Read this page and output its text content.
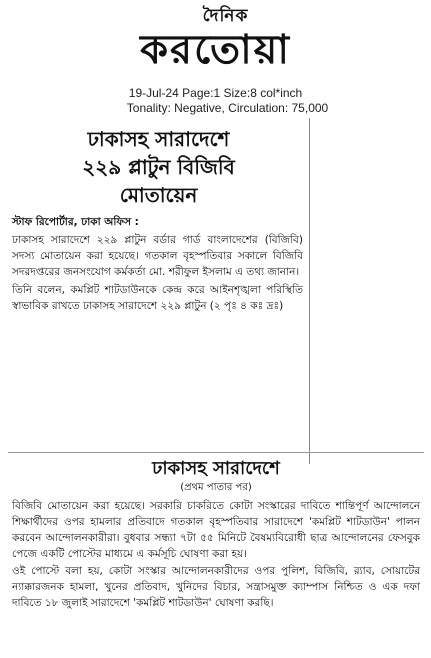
দৈনিক
করতোয়া
19-Jul-24 Page:1 Size:8 col*inch
Tonality: Negative, Circulation: 75,000
ঢাকাসহ সারাদেশে
২২৯ প্লাটুন বিজিবি
মোতায়েন

স্টাফ রিপোর্টার, ঢাকা অফিস :

ঢাকাসহ সারাদেশে ২২৯ প্লাটুন বর্ডার গার্ড বাংলাদেশের (বিজিবি) সদস্য মোতায়েন করা হয়েছে। গতকাল বৃহস্পতিবার সকালে বিজিবি সদরদপ্তরের জনসংযোগ কর্মকর্তা মো. শরীফুল ইসলাম এ তথ্য জানান।

তিনি বলেন, কমপ্লিট শাটডাউনকে কেন্দ্র করে আইনশৃঙ্খলা পরিস্থিতি স্বাভাবিক রাখতে ঢাকাসহ সারাদেশে ২২৯ প্লাটুন (২ পৃঃ ৪ কঃ দ্রঃ)

ঢাকাসহ সারাদেশে
(প্রথম পাতার পর)

বিজিবি মোতায়েন করা হয়েছে। সরকারি চাকরিতে কোটা সংস্কারের দাবিতে শান্তিপূর্ণ আন্দোলনে শিক্ষার্থীদের ওপর হামলার প্রতিবাদে গতকাল বৃহস্পতিবার সারাদেশে 'কমপ্লিট শাটডাউন' পালন করবেন আন্দোলনকারীরা। বুধবার সন্ধ্যা ৭টা ৫৫ মিনিটে বৈষম্যবিরোধী ছাত্র আন্দোলনের ফেসবুক পেজে একটি পোস্টের মাধ্যমে এ কর্মসূচি ঘোষণা করা হয়।

ওই পোস্টে বলা হয়, কোটা সংস্কার আন্দোলনকারীদের ওপর পুলিশ, বিজিবি, র‍্যাব, সোয়াটের ন্যাক্কারজনক হামলা, খুনের প্রতিবাদ, খুনিদের বিচার, সন্ত্রাসমুক্ত ক্যাম্পাস নিশ্চিত ও এক দফা দাবিতে ১৮ জুলাই সারাদেশে 'কমপ্লিট শাটডাউন' ঘোষণা করছি।
